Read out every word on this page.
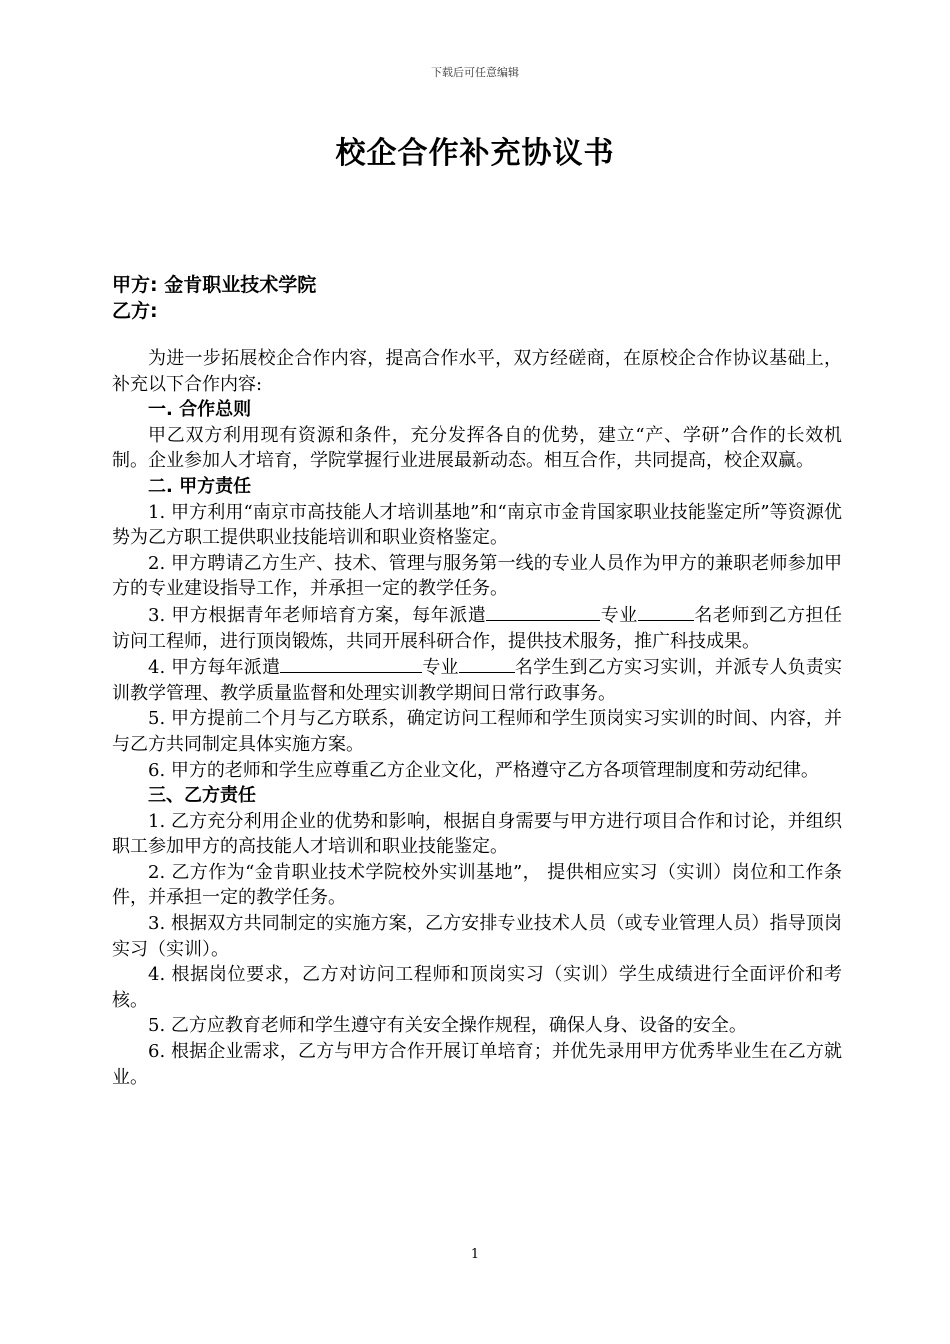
下载后可任意编辑
校企合作补充协议书
甲方: 金肯职业技术学院
乙方:

为进一步拓展校企合作内容，提高合作水平，双方经磋商，在原校企合作协议基础上，补充以下合作内容:

一. 合作总则

甲乙双方利用现有资源和条件，充分发挥各自的优势，建立“产、学研”合作的长效机制。企业参加人才培育，学院掌握行业进展最新动态。相互合作，共同提高，校企双赢。

二. 甲方责任

1. 甲方利用“南京市高技能人才培训基地”和“南京市金肯国家职业技能鉴定所”等资源优势为乙方职工提供职业技能培训和职业资格鉴定。

2. 甲方聘请乙方生产、技术、管理与服务第一线的专业人员作为甲方的兼职老师参加甲方的专业建设指导工作，并承担一定的教学任务。

3. 甲方根据青年老师培育方案，每年派遣	专业	名老师到乙方担任访问工程师，进行顶岗锻炼，共同开展科研合作，提供技术服务，推广科技成果。

4. 甲方每年派遣	专业	名学生到乙方实习实训，并派专人负责实训教学管理、教学质量监督和处理实训教学期间日常行政事务。

5. 甲方提前二个月与乙方联系，确定访问工程师和学生顶岗实习实训的时间、内容，并与乙方共同制定具体实施方案。

6. 甲方的老师和学生应尊重乙方企业文化，严格遵守乙方各项管理制度和劳动纪律。

三、乙方责任

1. 乙方充分利用企业的优势和影响，根据自身需要与甲方进行项目合作和讨论，并组织职工参加甲方的高技能人才培训和职业技能鉴定。

2. 乙方作为“金肯职业技术学院校外实训基地”， 提供相应实习（实训）岗位和工作条件，并承担一定的教学任务。

3. 根据双方共同制定的实施方案，乙方安排专业技术人员（或专业管理人员）指导顶岗实习（实训）。

4. 根据岗位要求，乙方对访问工程师和顶岗实习（实训）学生成绩进行全面评价和考核。

5. 乙方应教育老师和学生遵守有关安全操作规程，确保人身、设备的安全。

6. 根据企业需求，乙方与甲方合作开展订单培育；并优先录用甲方优秀毕业生在乙方就业。

1
